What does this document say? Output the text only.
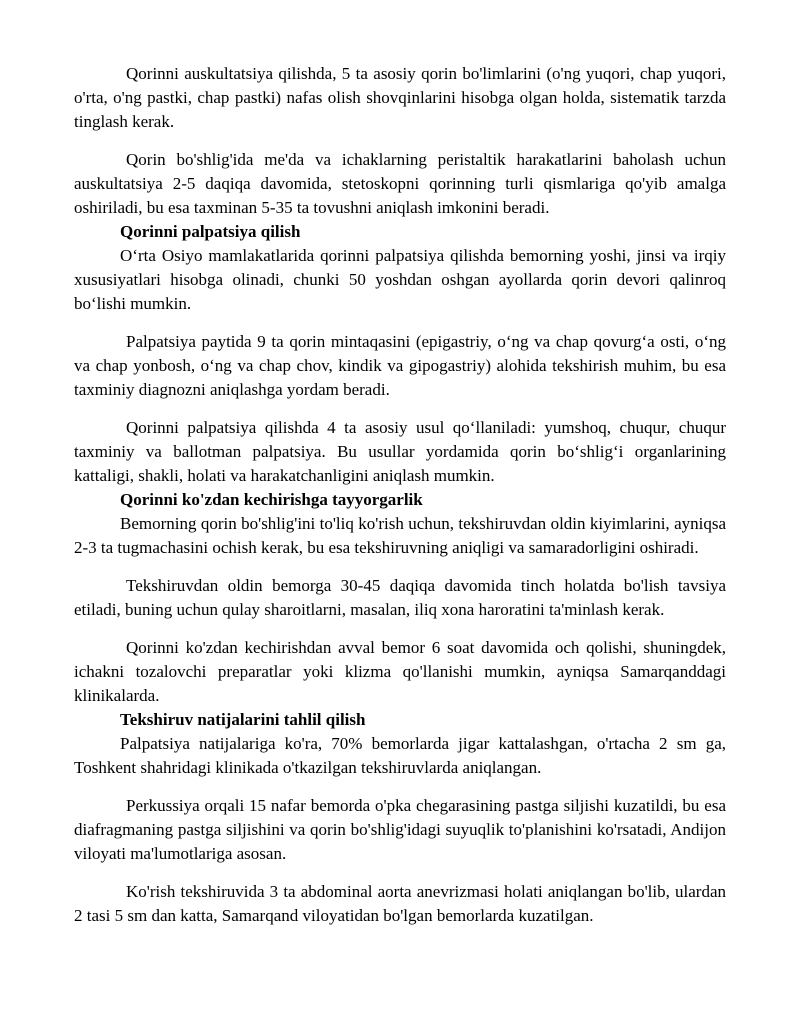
Qorinni auskultatsiya qilishda, 5 ta asosiy qorin bo'limlarini (o'ng yuqori, chap yuqori, o'rta, o'ng pastki, chap pastki) nafas olish shovqinlarini hisobga olgan holda, sistematik tarzda tinglash kerak.

Qorin bo'shlig'ida me'da va ichaklarning peristaltik harakatlarini baholash uchun auskultatsiya 2-5 daqiqa davomida, stetoskopni qorinning turli qismlariga qo'yib amalga oshiriladi, bu esa taxminan 5-35 ta tovushni aniqlash imkonini beradi.

Qorinni palpatsiya qilish

O‘rta Osiyo mamlakatlarida qorinni palpatsiya qilishda bemorning yoshi, jinsi va irqiy xususiyatlari hisobga olinadi, chunki 50 yoshdan oshgan ayollarda qorin devori qalinroq bo‘lishi mumkin.

Palpatsiya paytida 9 ta qorin mintaqasini (epigastriy, o‘ng va chap qovurg‘a osti, o‘ng va chap yonbosh, o‘ng va chap chov, kindik va gipogastriy) alohida tekshirish muhim, bu esa taxminiy diagnozni aniqlashga yordam beradi.

Qorinni palpatsiya qilishda 4 ta asosiy usul qo‘llaniladi: yumshoq, chuqur, chuqur taxminiy va ballotman palpatsiya. Bu usullar yordamida qorin bo‘shlig‘i organlarining kattaligi, shakli, holati va harakatchanligini aniqlash mumkin.

Qorinni ko'zdan kechirishga tayyorgarlik

Bemorning qorin bo'shlig'ini to'liq ko'rish uchun, tekshiruvdan oldin kiyimlarini, ayniqsa 2-3 ta tugmachasini ochish kerak, bu esa tekshiruvning aniqligi va samaradorligini oshiradi.

Tekshiruvdan oldin bemorga 30-45 daqiqa davomida tinch holatda bo'lish tavsiya etiladi, buning uchun qulay sharoitlarni, masalan, iliq xona haroratini ta'minlash kerak.

Qorinni ko'zdan kechirishdan avval bemor 6 soat davomida och qolishi, shuningdek, ichakni tozalovchi preparatlar yoki klizma qo'llanishi mumkin, ayniqsa Samarqanddagi klinikalarda.

Tekshiruv natijalarini tahlil qilish

Palpatsiya natijalariga ko'ra, 70% bemorlarda jigar kattalashgan, o'rtacha 2 sm ga, Toshkent shahridagi klinikada o'tkazilgan tekshiruvlarda aniqlangan.

Perkussiya orqali 15 nafar bemorda o'pka chegarasining pastga siljishi kuzatildi, bu esa diafragmaning pastga siljishini va qorin bo'shlig'idagi suyuqlik to'planishini ko'rsatadi, Andijon viloyati ma'lumotlariga asosan.

Ko'rish tekshiruvida 3 ta abdominal aorta anevrizmasi holati aniqlangan bo'lib, ulardan 2 tasi 5 sm dan katta, Samarqand viloyatidan bo'lgan bemorlarda kuzatilgan.
